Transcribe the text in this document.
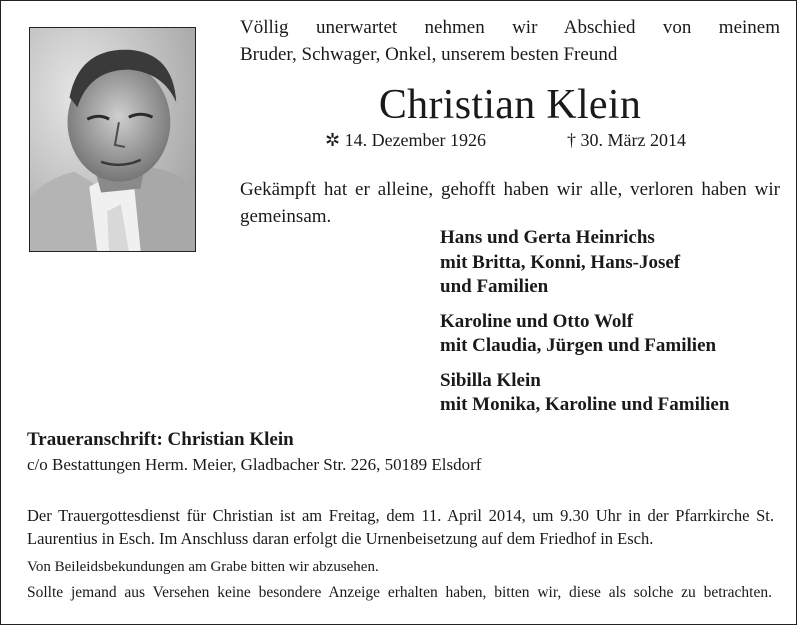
Völlig unerwartet nehmen wir Abschied von meinem
Bruder, Schwager, Onkel, unserem besten Freund

Christian Klein
✲ 14. Dezember 1926	† 30. März 2014

Gekämpft hat er alleine, gehofft haben wir alle, verloren haben wir gemeinsam.

Hans und Gerta Heinrichs
mit Britta, Konni, Hans-Josef
und Familien
Karoline und Otto Wolf
mit Claudia, Jürgen und Familien
Sibilla Klein
mit Monika, Karoline und Familien
Traueranschrift: Christian Klein
c/o Bestattungen Herm. Meier, Gladbacher Str. 226, 50189 Elsdorf

Der Trauergottesdienst für Christian ist am Freitag, dem 11. April 2014, um 9.30 Uhr in der Pfarrkirche St. Laurentius in Esch. Im Anschluss daran erfolgt die Urnenbeisetzung auf dem Friedhof in Esch.

Von Beileidsbekundungen am Grabe bitten wir abzusehen.
Sollte jemand aus Versehen keine besondere Anzeige erhalten haben, bitten wir, diese als solche zu betrachten.
